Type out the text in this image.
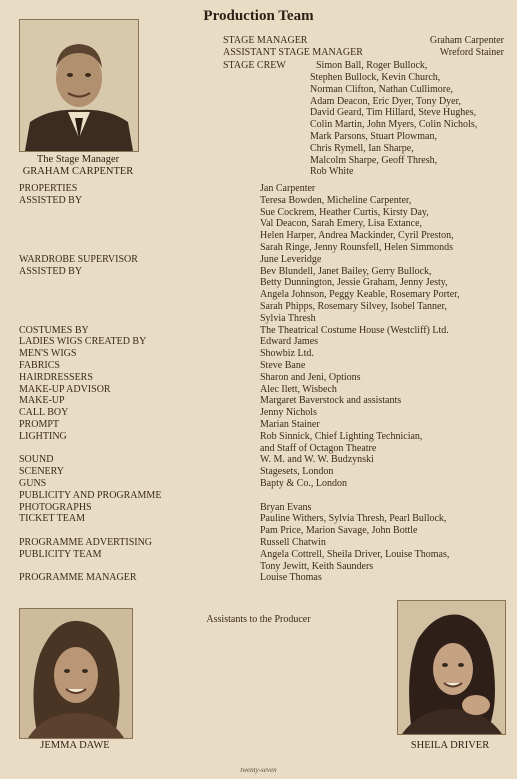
Production Team
The Stage Manager
GRAHAM CARPENTER
STAGE MANAGER	Graham Carpenter
ASSISTANT STAGE MANAGER	Wreford Stainer
STAGE CREW	Simon Ball, Roger Bullock,
Stephen Bullock, Kevin Church,
Norman Clifton, Nathan Cullimore,
Adam Deacon, Eric Dyer, Tony Dyer,
David Geard, Tim Hillard, Steve Hughes,
Colin Martin, John Myers, Colin Nichols,
Mark Parsons, Stuart Plowman,
Chris Rymell, Ian Sharpe,
Malcolm Sharpe, Geoff Thresh,
Rob White
PROPERTIES	Jan Carpenter
ASSISTED BY	Teresa Bowden, Micheline Carpenter,
Sue Cockrem, Heather Curtis, Kirsty Day,
Val Deacon, Sarah Emery, Lisa Extance,
Helen Harper, Andrea Mackinder, Cyril Preston,
Sarah Ringe, Jenny Rounsfell, Helen Simmonds
WARDROBE SUPERVISOR	June Leveridge
ASSISTED BY	Bev Blundell, Janet Bailey, Gerry Bullock,
Betty Dunnington, Jessie Graham, Jenny Jesty,
Angela Johnson, Peggy Keable, Rosemary Porter,
Sarah Phipps, Rosemary Silvey, Isobel Tanner,
Sylvia Thresh
COSTUMES BY	The Theatrical Costume House (Westcliff) Ltd.
LADIES WIGS CREATED BY	Edward James
MEN'S WIGS	Showbiz Ltd.
FABRICS	Steve Bane
HAIRDRESSERS	Sharon and Jeni, Options
MAKE-UP ADVISOR	Alec Ilett, Wisbech
MAKE-UP	Margaret Baverstock and assistants
CALL BOY	Jenny Nichols
PROMPT	Marian Stainer
LIGHTING	Rob Sinnick, Chief Lighting Technician,
and Staff of Octagon Theatre
SOUND	W. M. and W. W. Budzynski
SCENERY	Stagesets, London
GUNS	Bapty & Co., London
PUBLICITY AND PROGRAMME
PHOTOGRAPHS	Bryan Evans
TICKET TEAM	Pauline Withers, Sylvia Thresh, Pearl Bullock,
Pam Price, Marion Savage, John Bottle
PROGRAMME ADVERTISING	Russell Chatwin
PUBLICITY TEAM	Angela Cottrell, Sheila Driver, Louise Thomas,
Tony Jewitt, Keith Saunders
PROGRAMME MANAGER	Louise Thomas
Assistants to the Producer
JEMMA DAWE	SHEILA DRIVER
twenty-seven
